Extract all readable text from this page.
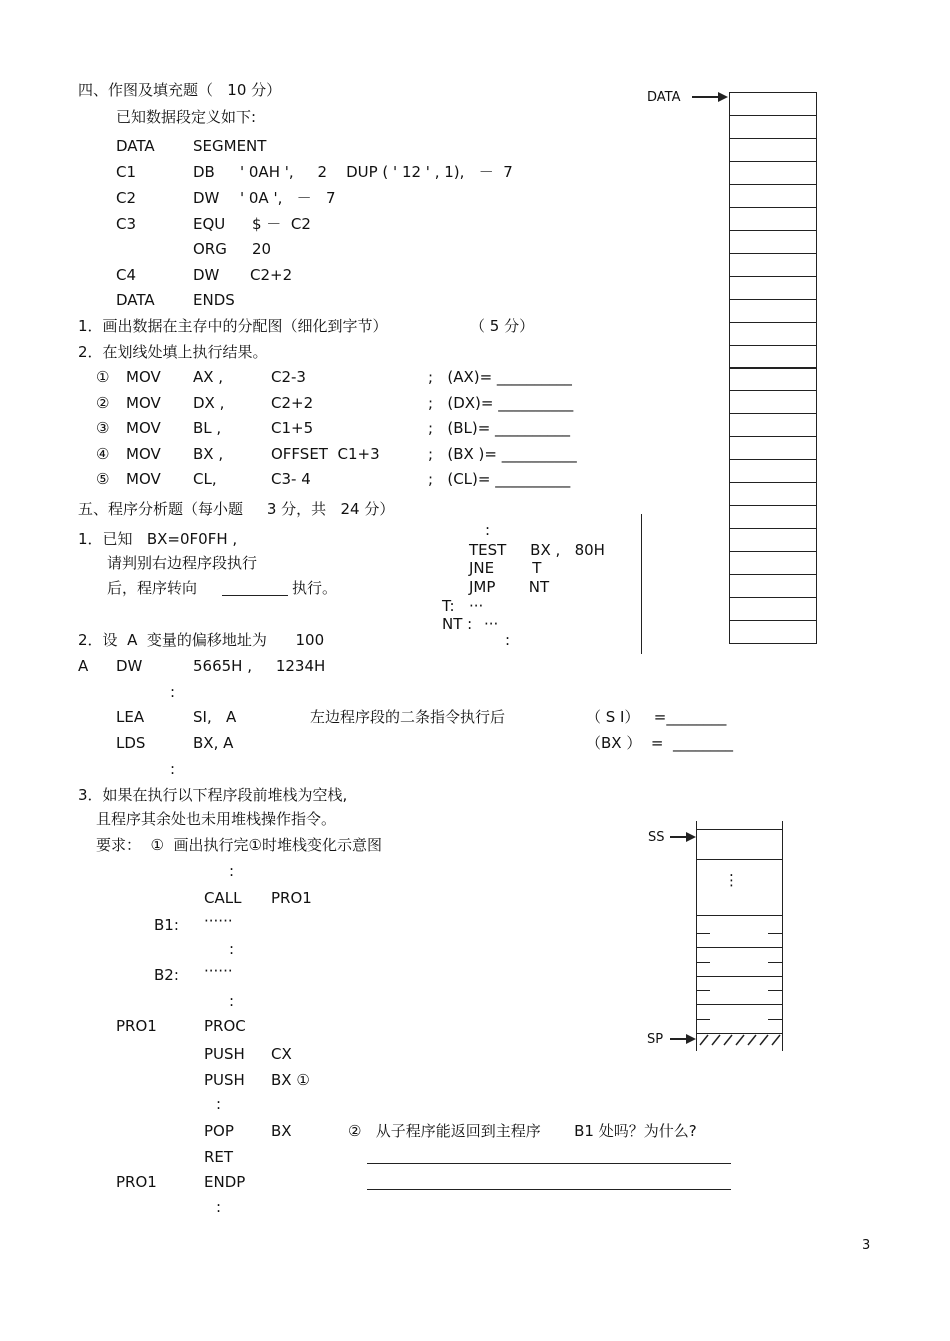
四、作图及填充题（   10 分）
已知数据段定义如下:
DATA	SEGMENT
C1	DB ' 0AH ',     2    DUP ( ' 12 ' , 1),   －  7
C2	DW ' 0A ',   －   7
C3	EQU $ －  C2
ORG 20
C4	DW C2+2
DATA	ENDS
1．画出数据在主存中的分配图（细化到字节）	（ 5 分）
2．在划线处填上执行结果。
① MOV AX ,	C2-3	;   (AX)= __________
② MOV DX ,	C2+2	;   (DX)= __________
③ MOV BL ,	C1+5	;   (BL)= __________
④ MOV BX ,	OFFSET  C1+3	;   (BX )= __________
⑤ MOV CL,	C3- 4	;   (CL)= __________
DATA
五、程序分析题（每小题     3 分，共   24 分）
1．已知   BX=0F0FH ,
请判别右边程序段执行
后，程序转向	执行。
:
TEST     BX ,   80H
JNE        T
JMP       NT
T: ···
NT : ···
2．设  A  变量的偏移地址为      100	:
A DW	5665H ,     1234H
:
LEA	SI,   A	左边程序段的二条指令执行后	（ S I）   =________
LDS	BX, A	（BX ）  =  ________
:
3．如果在执行以下程序段前堆栈为空栈,
且程序其余处也未用堆栈操作指令。
要求：  ①  画出执行完①时堆栈变化示意图
:
CALL PRO1
B1: ······
:
B2: ······
:
PRO1	PROC
PUSH CX
PUSH BX ①
:
POP BX
RET
PRO1	ENDP
:
②   从子程序能返回到主程序       B1 处吗？为什么?
SS
SP
⋮
3
